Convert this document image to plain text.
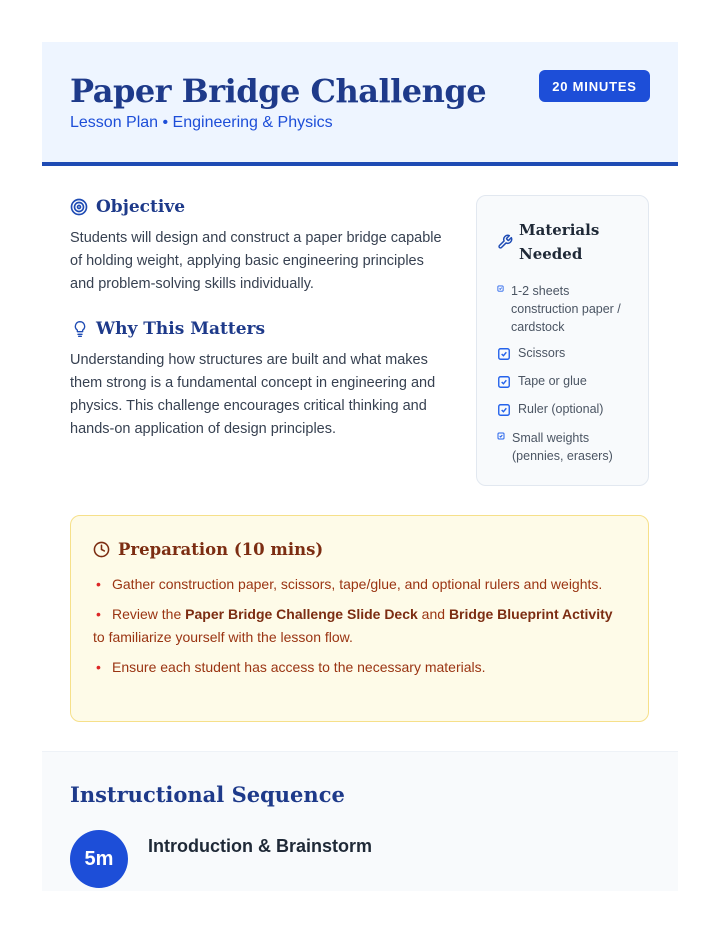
Paper Bridge Challenge
Lesson Plan • Engineering & Physics
20 MINUTES
Objective

Students will design and construct a paper bridge capable of holding weight, applying basic engineering principles and problem-solving skills individually.

Why This Matters

Understanding how structures are built and what makes them strong is a fundamental concept in engineering and physics. This challenge encourages critical thinking and hands-on application of design principles.

Materials Needed
1-2 sheets construction paper / cardstock
Scissors
Tape or glue
Ruler (optional)
Small weights (pennies, erasers)
Preparation (10 mins)
• Gather construction paper, scissors, tape/glue, and optional rulers and weights.
• Review the Paper Bridge Challenge Slide Deck and Bridge Blueprint Activity to familiarize yourself with the lesson flow.
• Ensure each student has access to the necessary materials.
Instructional Sequence
5m
Introduction & Brainstorm
